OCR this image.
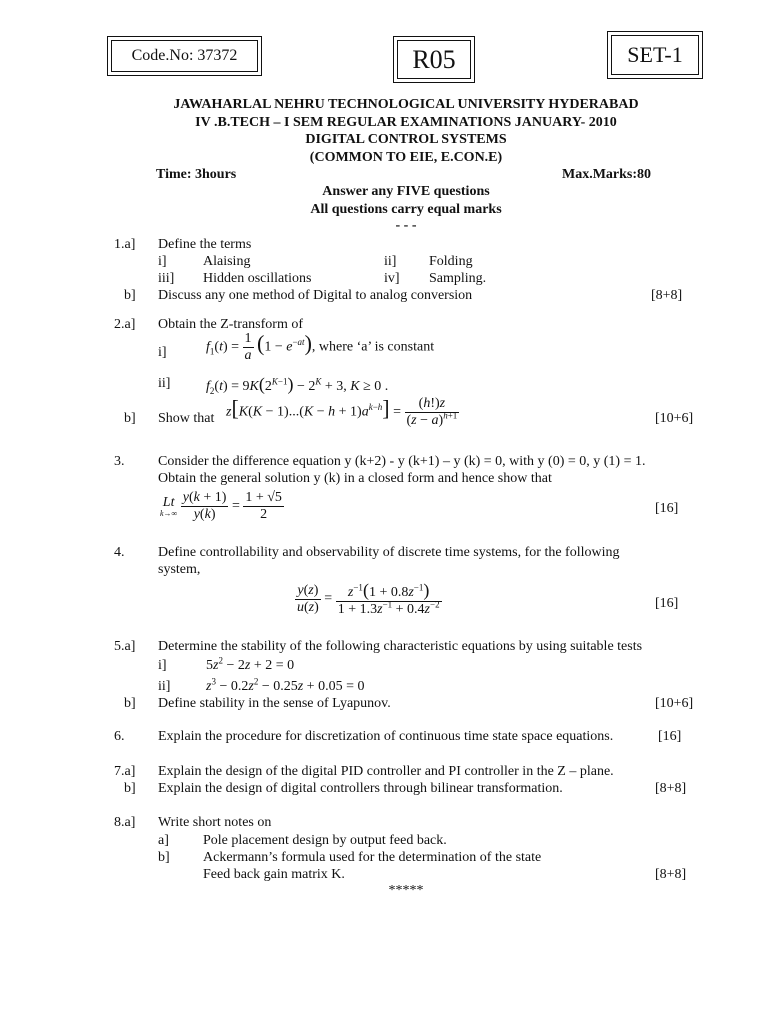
Code.No: 37372	R05	SET-1
JAWAHARLAL NEHRU TECHNOLOGICAL UNIVERSITY HYDERABAD
IV .B.TECH – I SEM REGULAR EXAMINATIONS JANUARY- 2010
DIGITAL CONTROL SYSTEMS
(COMMON TO EIE, E.CON.E)
Time: 3hours	Max.Marks:80
Answer any FIVE questions
All questions carry equal marks
- - -
1.a] Define the terms
i]	Alaising	ii] Folding
iii] Hidden oscillations	iv] Sampling.
b] Discuss any one method of Digital to analog conversion	[8+8]
2.a] Obtain the Z-transform of
i]	$f_1(t) = \frac{1}{a} (1 - e^{-at})$, where ‘a’ is constant
ii]	$f_2(t) = 9K(2^{K-1}) - 2^K + 3$, K ≥ 0 .
b] Show that $z[K(K - 1)...(K - h + 1)a^{k-h}] = \frac{(h!)z}{(z - a)^{h+1}}$	[10+6]
3. Consider the difference equation y (k+2) - y (k+1) – y (k) = 0, with y (0) = 0, y (1) = 1.
Obtain the general solution y (k) in a closed form and hence show that
Lt
k→∞
$\frac{y(k + 1)}{y(k)} = \frac{1 + √5}{2}$	[16]
4. Define controllability and observability of discrete time systems, for the following
system,
$\frac{y(z)}{u(z)} = \frac{z^{-1}(1 + 0.8z^{-1})}{1 + 1.3z^{-1} + 0.4z^{-2}}$	[16]
5.a] Determine the stability of the following characteristic equations by using suitable tests
i]	$5z^2 - 2z + 2 = 0$
ii]	$z^3 - 0.2z^2 - 0.25z + 0.05 = 0$
b] Define stability in the sense of Lyapunov.	[10+6]
6. Explain the procedure for discretization of continuous time state space equations.	[16]
7.a] Explain the design of the digital PID controller and PI controller in the Z – plane.
b] Explain the design of digital controllers through bilinear transformation.	[8+8]
8.a] Write short notes on
a] Pole placement design by output feed back.
b] Ackermann’s formula used for the determination of the state
Feed back gain matrix K.	[8+8]
*****
